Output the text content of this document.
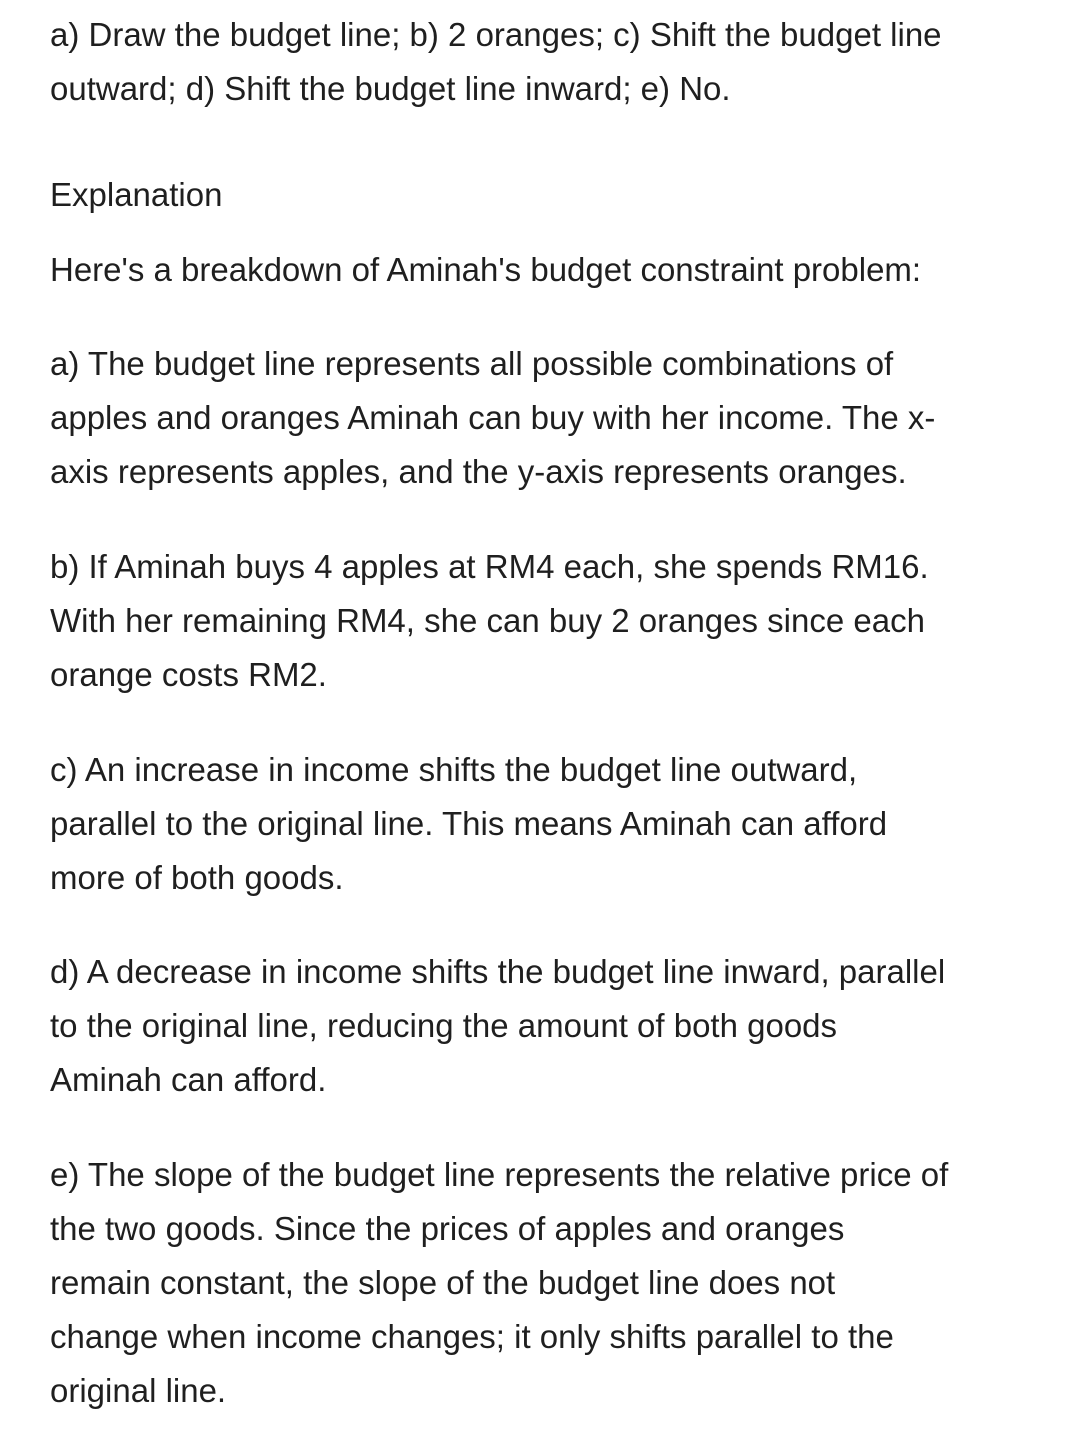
a) Draw the budget line; b) 2 oranges; c) Shift the budget line
outward; d) Shift the budget line inward; e) No.

Explanation

Here's a breakdown of Aminah's budget constraint problem:

a) The budget line represents all possible combinations of
apples and oranges Aminah can buy with her income. The x-
axis represents apples, and the y-axis represents oranges.

b) If Aminah buys 4 apples at RM4 each, she spends RM16.
With her remaining RM4, she can buy 2 oranges since each
orange costs RM2.

c) An increase in income shifts the budget line outward,
parallel to the original line. This means Aminah can afford
more of both goods.

d) A decrease in income shifts the budget line inward, parallel
to the original line, reducing the amount of both goods
Aminah can afford.

e) The slope of the budget line represents the relative price of
the two goods. Since the prices of apples and oranges
remain constant, the slope of the budget line does not
change when income changes; it only shifts parallel to the
original line.
